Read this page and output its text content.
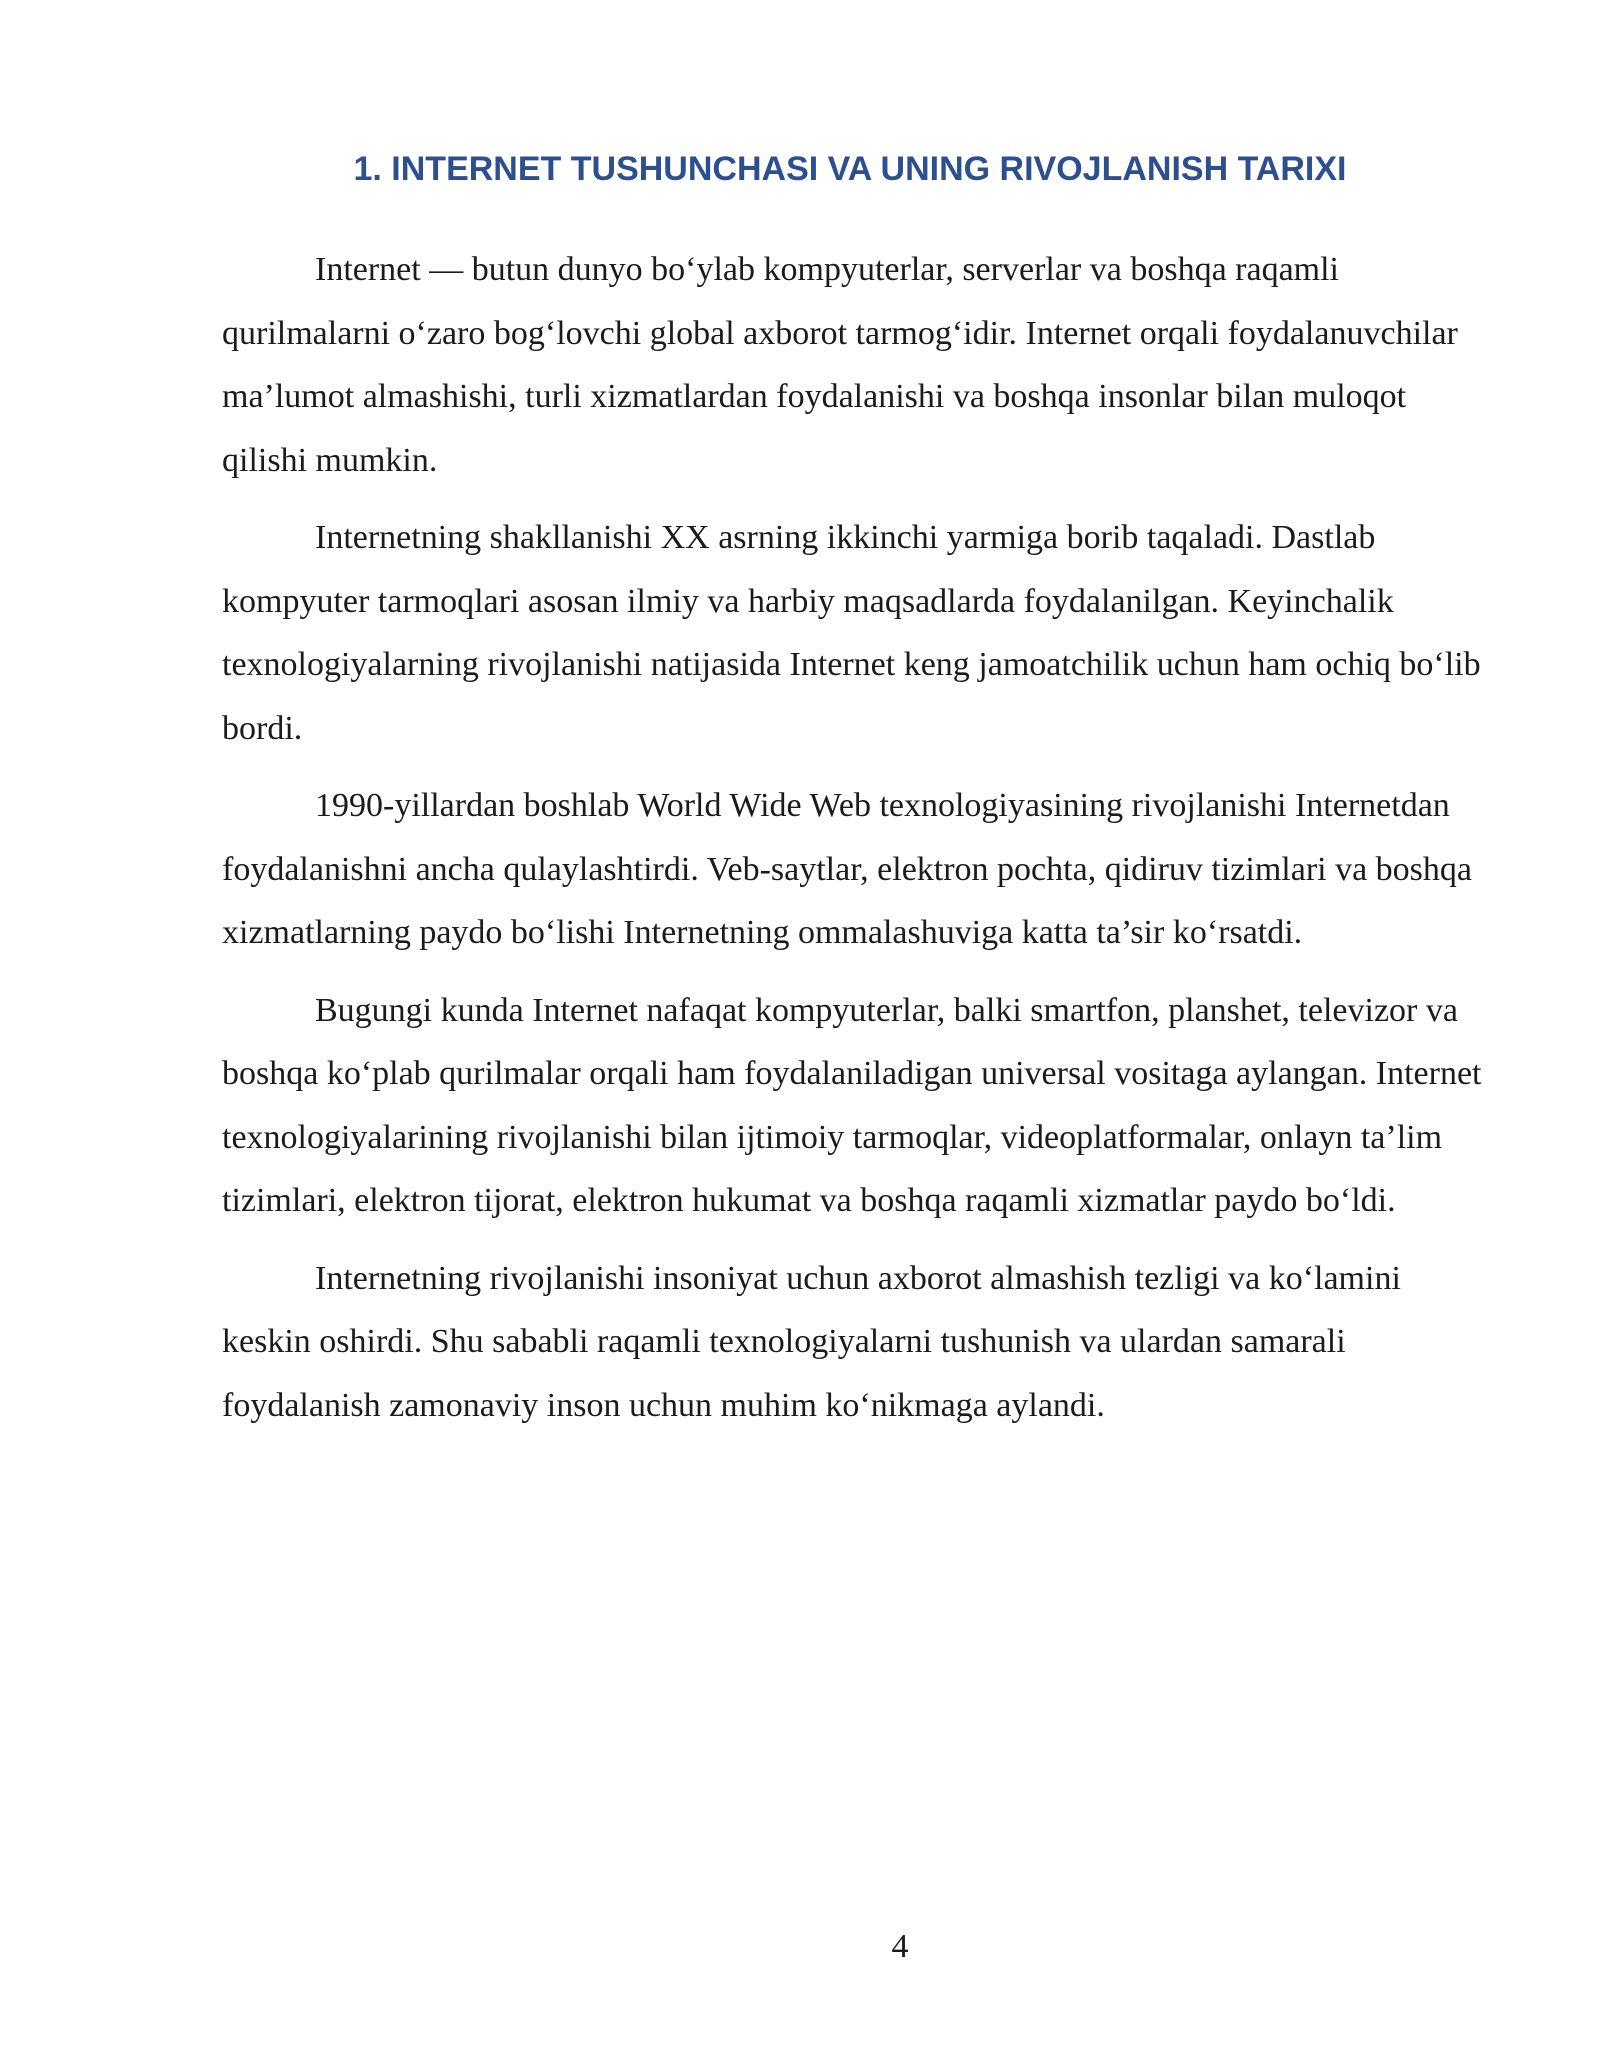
1. INTERNET TUSHUNCHASI VA UNING RIVOJLANISH TARIXI

Internet — butun dunyo bo‘ylab kompyuterlar, serverlar va boshqa raqamli qurilmalarni o‘zaro bog‘lovchi global axborot tarmog‘idir. Internet orqali foydalanuvchilar ma’lumot almashishi, turli xizmatlardan foydalanishi va boshqa insonlar bilan muloqot qilishi mumkin.

Internetning shakllanishi XX asrning ikkinchi yarmiga borib taqaladi. Dastlab kompyuter tarmoqlari asosan ilmiy va harbiy maqsadlarda foydalanilgan. Keyinchalik texnologiyalarning rivojlanishi natijasida Internet keng jamoatchilik uchun ham ochiq bo‘lib bordi.

1990-yillardan boshlab World Wide Web texnologiyasining rivojlanishi Internetdan foydalanishni ancha qulaylashtirdi. Veb-saytlar, elektron pochta, qidiruv tizimlari va boshqa xizmatlarning paydo bo‘lishi Internetning ommalashuviga katta ta’sir ko‘rsatdi.

Bugungi kunda Internet nafaqat kompyuterlar, balki smartfon, planshet, televizor va boshqa ko‘plab qurilmalar orqali ham foydalaniladigan universal vositaga aylangan. Internet texnologiyalarining rivojlanishi bilan ijtimoiy tarmoqlar, videoplatformalar, onlayn ta’lim tizimlari, elektron tijorat, elektron hukumat va boshqa raqamli xizmatlar paydo bo‘ldi.

Internetning rivojlanishi insoniyat uchun axborot almashish tezligi va ko‘lamini keskin oshirdi. Shu sababli raqamli texnologiyalarni tushunish va ulardan samarali foydalanish zamonaviy inson uchun muhim ko‘nikmaga aylandi.

4
